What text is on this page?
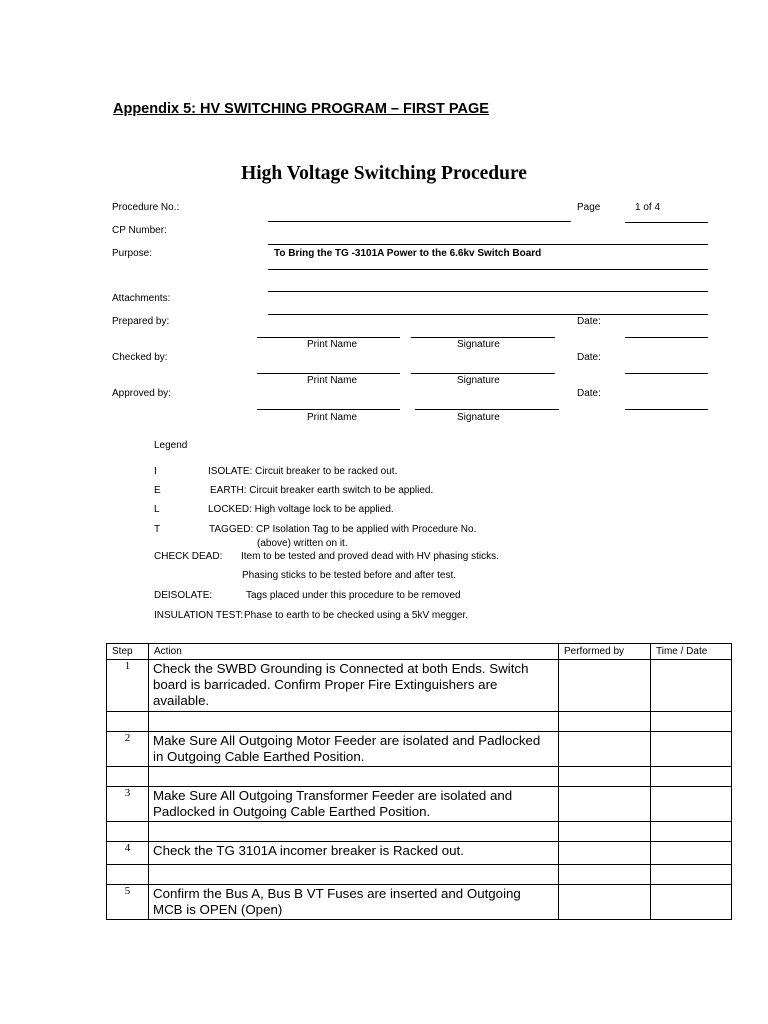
Appendix 5: HV SWITCHING PROGRAM – FIRST PAGE
High Voltage Switching Procedure
Procedure No.:	Page	1 of 4
CP Number:
Purpose:	To Bring the TG -3101A Power to the 6.6kv Switch Board
Attachments:
Prepared by:	Date:
Print Name	Signature
Checked by:	Date:
Print Name	Signature
Approved by:	Date:
Print Name	Signature
Legend
I	ISOLATE: Circuit breaker to be racked out.
E	EARTH: Circuit breaker earth switch to be applied.
L	LOCKED: High voltage lock to be applied.
T	TAGGED: CP Isolation Tag to be applied with Procedure No.
(above) written on it.
CHECK DEAD: Item to be tested and proved dead with HV phasing sticks.
Phasing sticks to be tested before and after test.
DEISOLATE:	Tags placed under this procedure to be removed
INSULATION TEST: Phase to earth to be checked using a 5kV megger.
Step	Action	Performed by	Time / Date
1	Check the SWBD Grounding is Connected at both Ends. Switch board is barricaded. Confirm Proper Fire Extinguishers are available.		

2	Make Sure All Outgoing Motor Feeder are isolated and Padlocked in Outgoing Cable Earthed Position.		

3	Make Sure All Outgoing Transformer Feeder are isolated and Padlocked in Outgoing Cable Earthed Position.		

4	Check the TG 3101A incomer breaker is Racked out.		

5	Confirm the Bus A, Bus B VT Fuses are inserted and Outgoing MCB is OPEN (Open)		
